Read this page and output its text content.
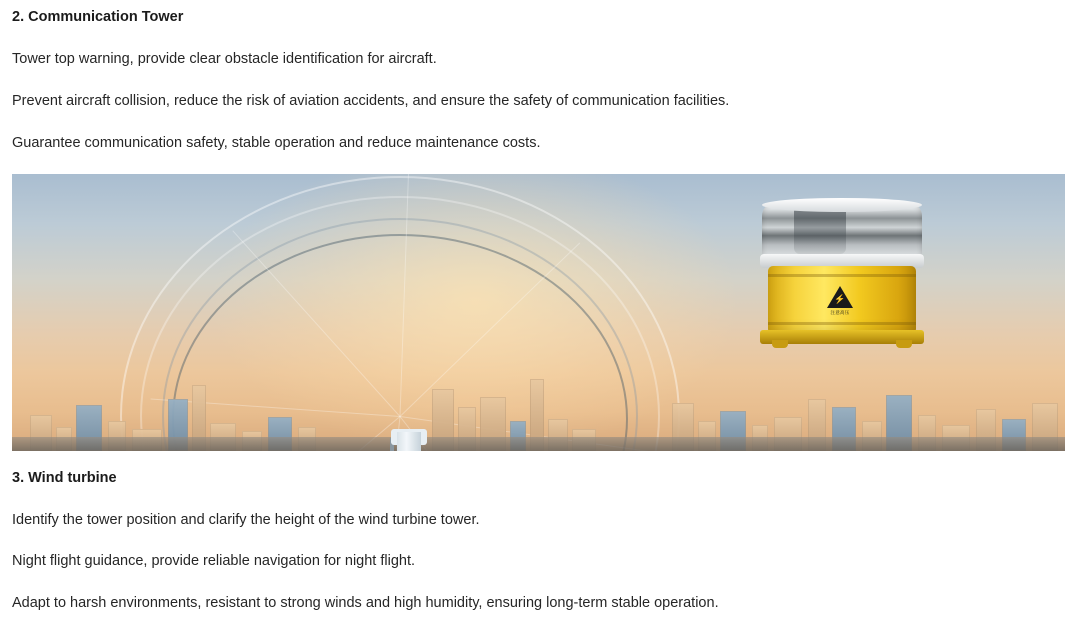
2. Communication Tower
Tower top warning, provide clear obstacle identification for aircraft.
Prevent aircraft collision, reduce the risk of aviation accidents, and ensure the safety of communication facilities.
Guarantee communication safety, stable operation and reduce maintenance costs.
⚡
注意高压
3. Wind turbine
Identify the tower position and clarify the height of the wind turbine tower.
Night flight guidance, provide reliable navigation for night flight.
Adapt to harsh environments, resistant to strong winds and high humidity, ensuring long-term stable operation.
